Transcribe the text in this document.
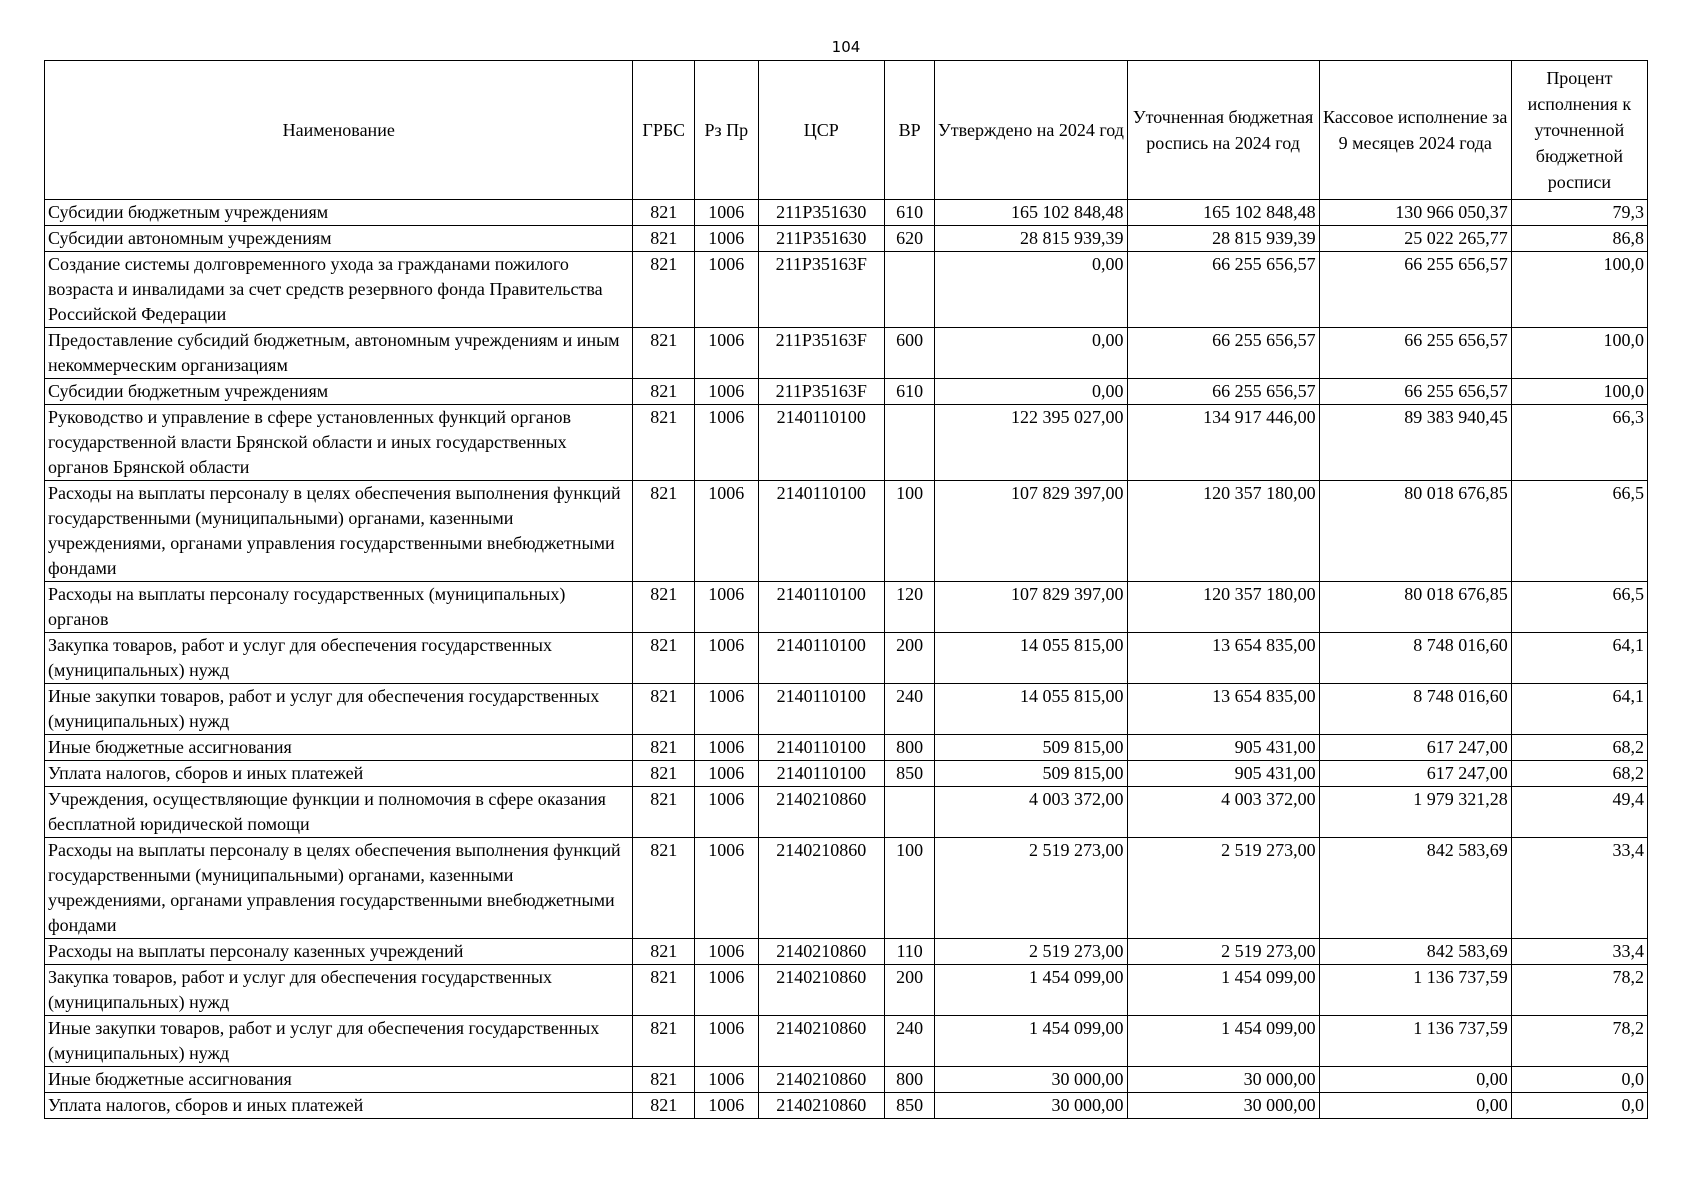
104
Наименование	ГРБС	Рз Пр	ЦСР	ВР	Утверждено на 2024 год	Уточненная бюджетная роспись на 2024 год	Кассовое исполнение за 9 месяцев 2024 года	Процент исполнения к уточненной бюджетной росписи
Субсидии бюджетным учреждениям	821	1006	211P351630	610	165 102 848,48	165 102 848,48	130 966 050,37	79,3
Субсидии автономным учреждениям	821	1006	211P351630	620	28 815 939,39	28 815 939,39	25 022 265,77	86,8
Создание системы долговременного ухода за гражданами пожилого возраста и инвалидами за счет средств резервного фонда Правительства Российской Федерации	821	1006	211P35163F		0,00	66 255 656,57	66 255 656,57	100,0
Предоставление субсидий бюджетным, автономным учреждениям и иным некоммерческим организациям	821	1006	211P35163F	600	0,00	66 255 656,57	66 255 656,57	100,0
Субсидии бюджетным учреждениям	821	1006	211P35163F	610	0,00	66 255 656,57	66 255 656,57	100,0
Руководство и управление в сфере установленных функций органов государственной власти Брянской области и иных государственных органов Брянской области	821	1006	2140110100		122 395 027,00	134 917 446,00	89 383 940,45	66,3
Расходы на выплаты персоналу в целях обеспечения выполнения функций государственными (муниципальными) органами, казенными учреждениями, органами управления государственными внебюджетными фондами	821	1006	2140110100	100	107 829 397,00	120 357 180,00	80 018 676,85	66,5
Расходы на выплаты персоналу государственных (муниципальных) органов	821	1006	2140110100	120	107 829 397,00	120 357 180,00	80 018 676,85	66,5
Закупка товаров, работ и услуг для обеспечения государственных (муниципальных) нужд	821	1006	2140110100	200	14 055 815,00	13 654 835,00	8 748 016,60	64,1
Иные закупки товаров, работ и услуг для обеспечения государственных (муниципальных) нужд	821	1006	2140110100	240	14 055 815,00	13 654 835,00	8 748 016,60	64,1
Иные бюджетные ассигнования	821	1006	2140110100	800	509 815,00	905 431,00	617 247,00	68,2
Уплата налогов, сборов и иных платежей	821	1006	2140110100	850	509 815,00	905 431,00	617 247,00	68,2
Учреждения, осуществляющие функции и полномочия в сфере оказания бесплатной юридической помощи	821	1006	2140210860		4 003 372,00	4 003 372,00	1 979 321,28	49,4
Расходы на выплаты персоналу в целях обеспечения выполнения функций государственными (муниципальными) органами, казенными учреждениями, органами управления государственными внебюджетными фондами	821	1006	2140210860	100	2 519 273,00	2 519 273,00	842 583,69	33,4
Расходы на выплаты персоналу казенных учреждений	821	1006	2140210860	110	2 519 273,00	2 519 273,00	842 583,69	33,4
Закупка товаров, работ и услуг для обеспечения государственных (муниципальных) нужд	821	1006	2140210860	200	1 454 099,00	1 454 099,00	1 136 737,59	78,2
Иные закупки товаров, работ и услуг для обеспечения государственных (муниципальных) нужд	821	1006	2140210860	240	1 454 099,00	1 454 099,00	1 136 737,59	78,2
Иные бюджетные ассигнования	821	1006	2140210860	800	30 000,00	30 000,00	0,00	0,0
Уплата налогов, сборов и иных платежей	821	1006	2140210860	850	30 000,00	30 000,00	0,00	0,0
